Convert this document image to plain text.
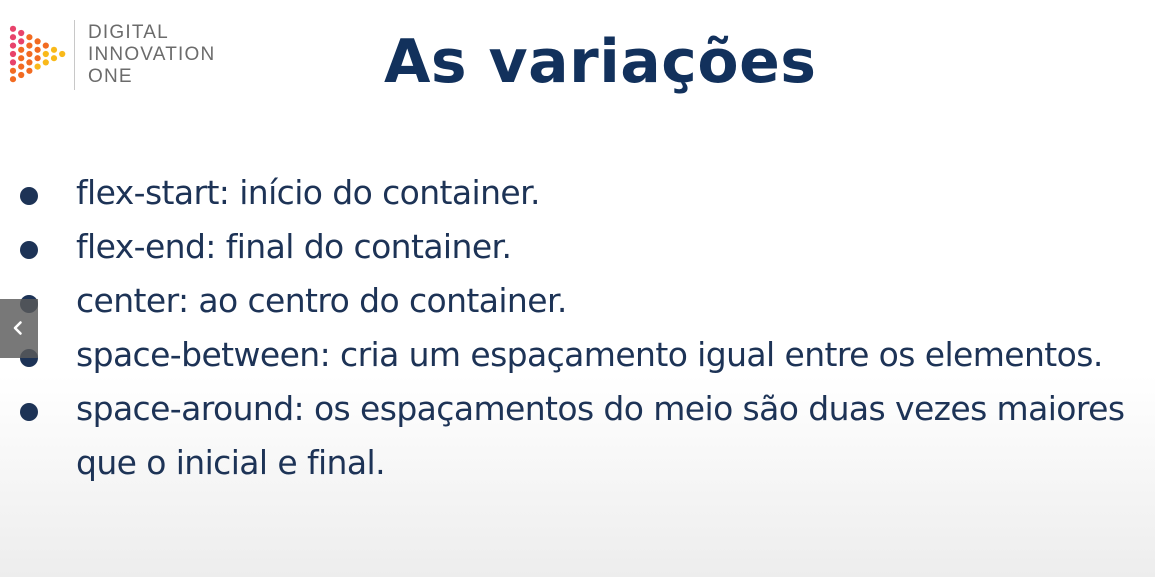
DIGITAL
INNOVATION
ONE	As variações
flex-start: início do container.
flex-end: final do container.
center: ao centro do container.
space-between: cria um espaçamento igual entre os elementos.
space-around: os espaçamentos do meio são duas vezes maiores que o inicial e final.
